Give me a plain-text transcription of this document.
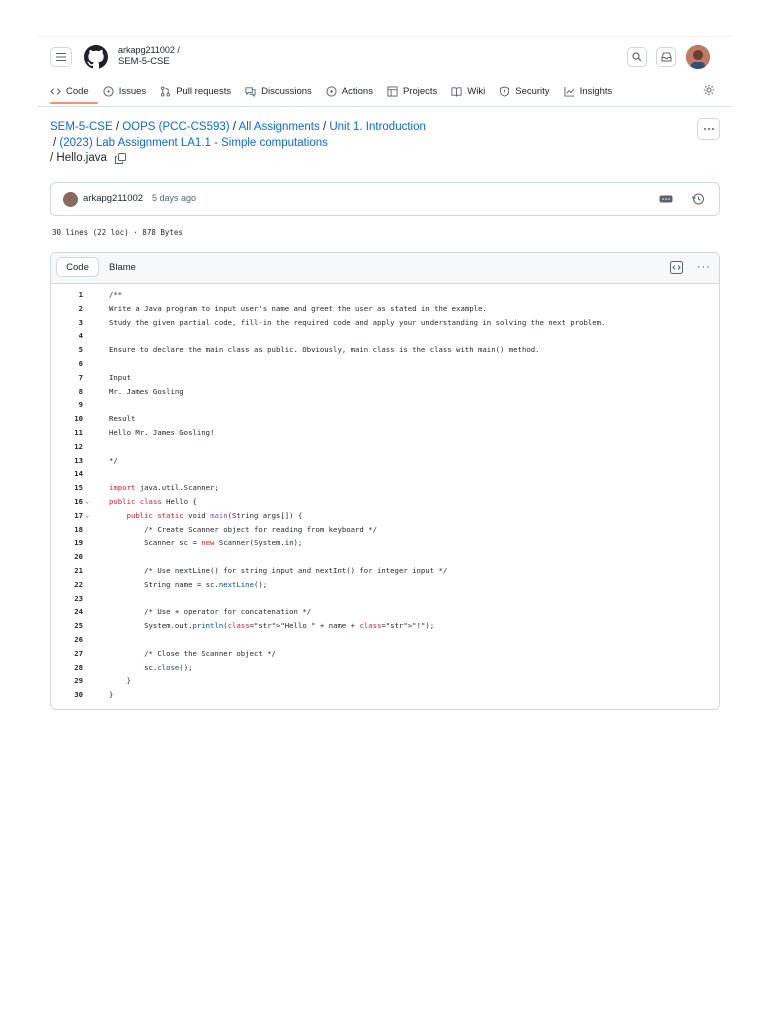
arkapg211002 /
SEM-5-CSE
Code	Issues	Pull requests	Discussions	Actions	Projects	Wiki	Security	Insights
SEM-5-CSE / OOPS (PCC-CS593) / All Assignments / Unit 1. Introduction
/ (2023) Lab Assignment LA1.1 - Simple computations
/ Hello.java
arkapg211002 5 days ago
30 lines (22 loc) · 878 Bytes
Code	Blame	···
1	/**
2	Write a Java program to input user's name and greet the user as stated in the example.
3	Study the given partial code, fill-in the required code and apply your understanding in solving the next problem.
4
5	Ensure to declare the main class as public. Obviously, main class is the class with main() method.
6
7	Input
8	Mr. James Gosling
9
10	Result
11	Hello Mr. James Gosling!
12
13	*/
14
15	import java.util.Scanner;
16 ⌄	public class Hello {
17 ⌄	public static void main(String args[]) {
18	/* Create Scanner object for reading from keyboard */
19	Scanner sc = new Scanner(System.in);
20
21	/* Use nextLine() for string input and nextInt() for integer input */
22	String name = sc.nextLine();
23
24	/* Use + operator for concatenation */
25	System.out.println(class="str">"Hello " + name + class="str">"!");
26
27	/* Close the Scanner object */
28	sc.close();
29	}
30	}
